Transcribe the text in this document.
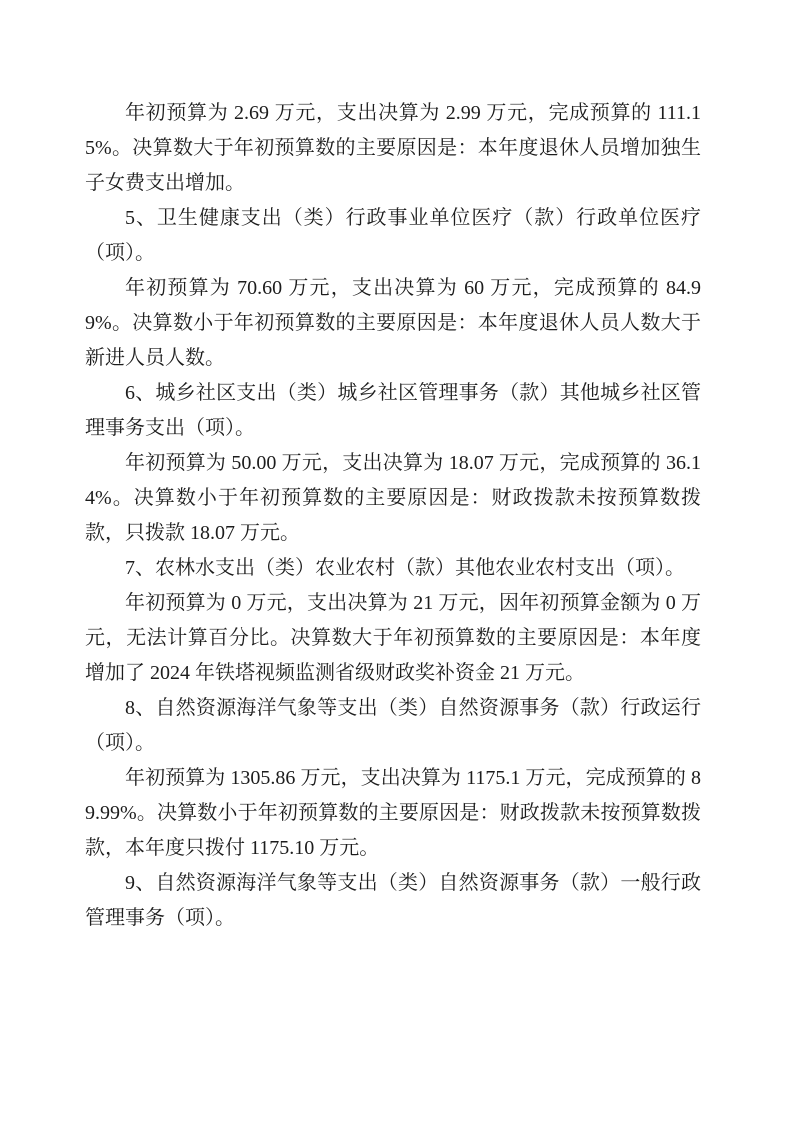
年初预算为 2.69 万元，支出决算为 2.99 万元，完成预算的 111.15%。决算数大于年初预算数的主要原因是：本年度退休人员增加独生子女费支出增加。

5、卫生健康支出（类）行政事业单位医疗（款）行政单位医疗（项）。

年初预算为 70.60 万元，支出决算为 60 万元，完成预算的 84.99%。决算数小于年初预算数的主要原因是：本年度退休人员人数大于新进人员人数。

6、城乡社区支出（类）城乡社区管理事务（款）其他城乡社区管理事务支出（项）。

年初预算为 50.00 万元，支出决算为 18.07 万元，完成预算的 36.14%。决算数小于年初预算数的主要原因是：财政拨款未按预算数拨款，只拨款 18.07 万元。

7、农林水支出（类）农业农村（款）其他农业农村支出（项）。

年初预算为 0 万元，支出决算为 21 万元，因年初预算金额为 0 万元，无法计算百分比。决算数大于年初预算数的主要原因是：本年度增加了 2024 年铁塔视频监测省级财政奖补资金 21 万元。

8、自然资源海洋气象等支出（类）自然资源事务（款）行政运行（项）。

年初预算为 1305.86 万元，支出决算为 1175.1 万元，完成预算的 89.99%。决算数小于年初预算数的主要原因是：财政拨款未按预算数拨款，本年度只拨付 1175.10 万元。

9、自然资源海洋气象等支出（类）自然资源事务（款）一般行政管理事务（项）。
